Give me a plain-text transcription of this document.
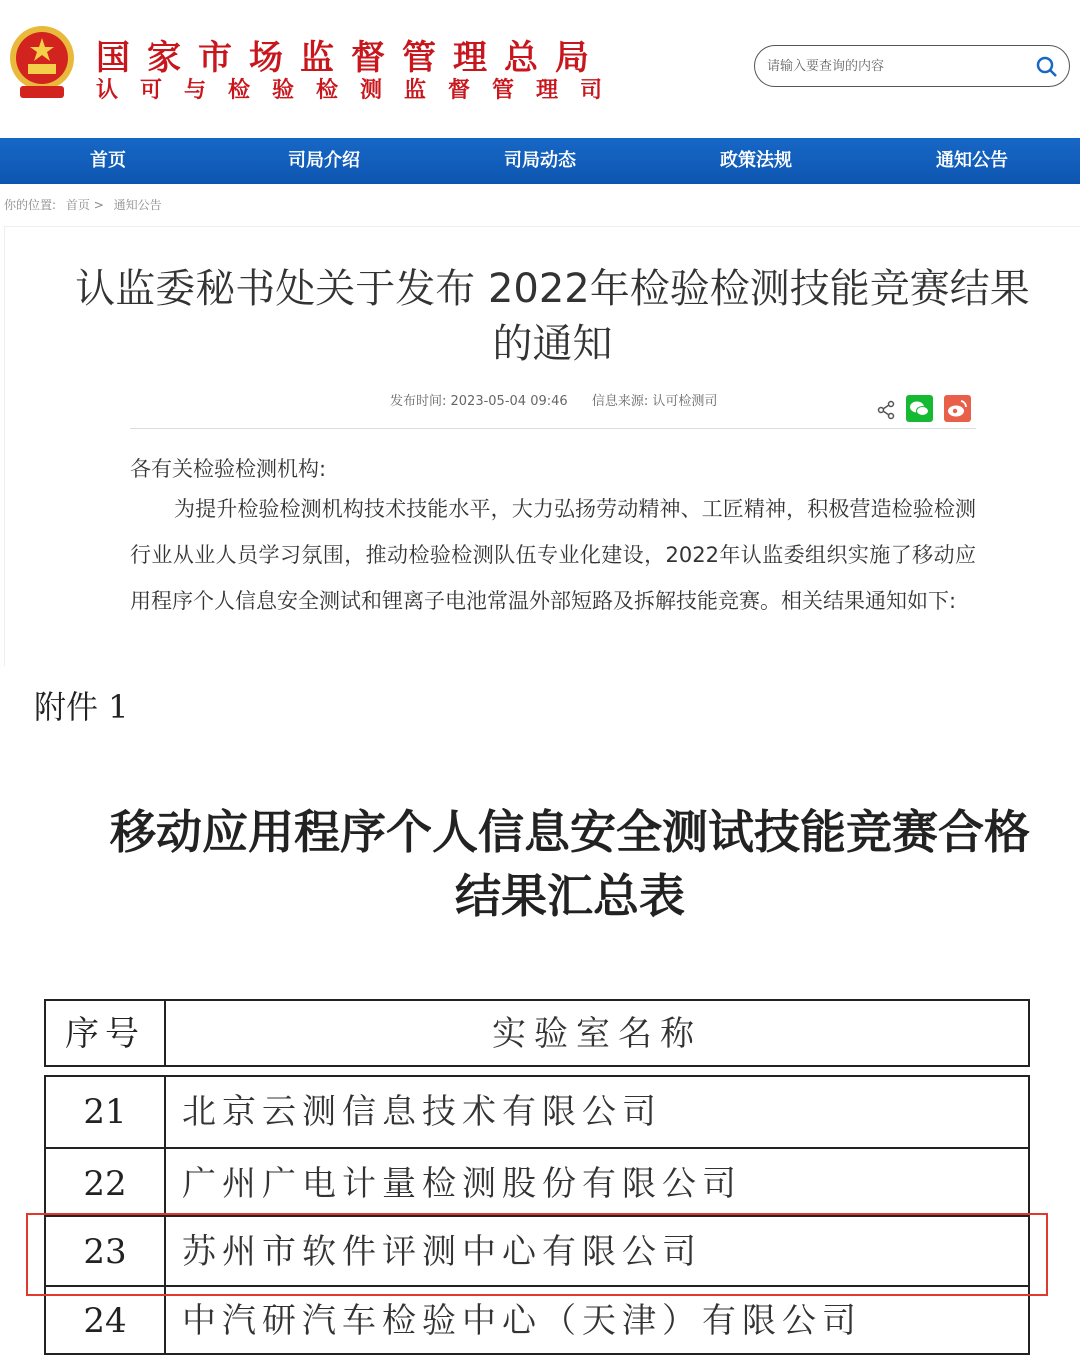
国家市场监督管理总局
认可与检验检测监督管理司
请输入要查询的内容
首页	司局介绍	司局动态	政策法规	通知公告
你的位置: 首页 > 通知公告
认监委秘书处关于发布 2022年检验检测技能竞赛结果的通知
发布时间: 2023-05-04 09:46 信息来源: 认可检测司
各有关检验检测机构:
为提升检验检测机构技术技能水平，大力弘扬劳动精神、工匠精神，积极营造检验检测行业从业人员学习氛围，推动检验检测队伍专业化建设，2022年认监委组织实施了移动应用程序个人信息安全测试和锂离子电池常温外部短路及拆解技能竞赛。相关结果通知如下:
附件 1
移动应用程序个人信息安全测试技能竞赛合格结果汇总表
序号	实验室名称
21	北京云测信息技术有限公司
22	广州广电计量检测股份有限公司
23	苏州市软件评测中心有限公司
24	中汽研汽车检验中心（天津）有限公司
